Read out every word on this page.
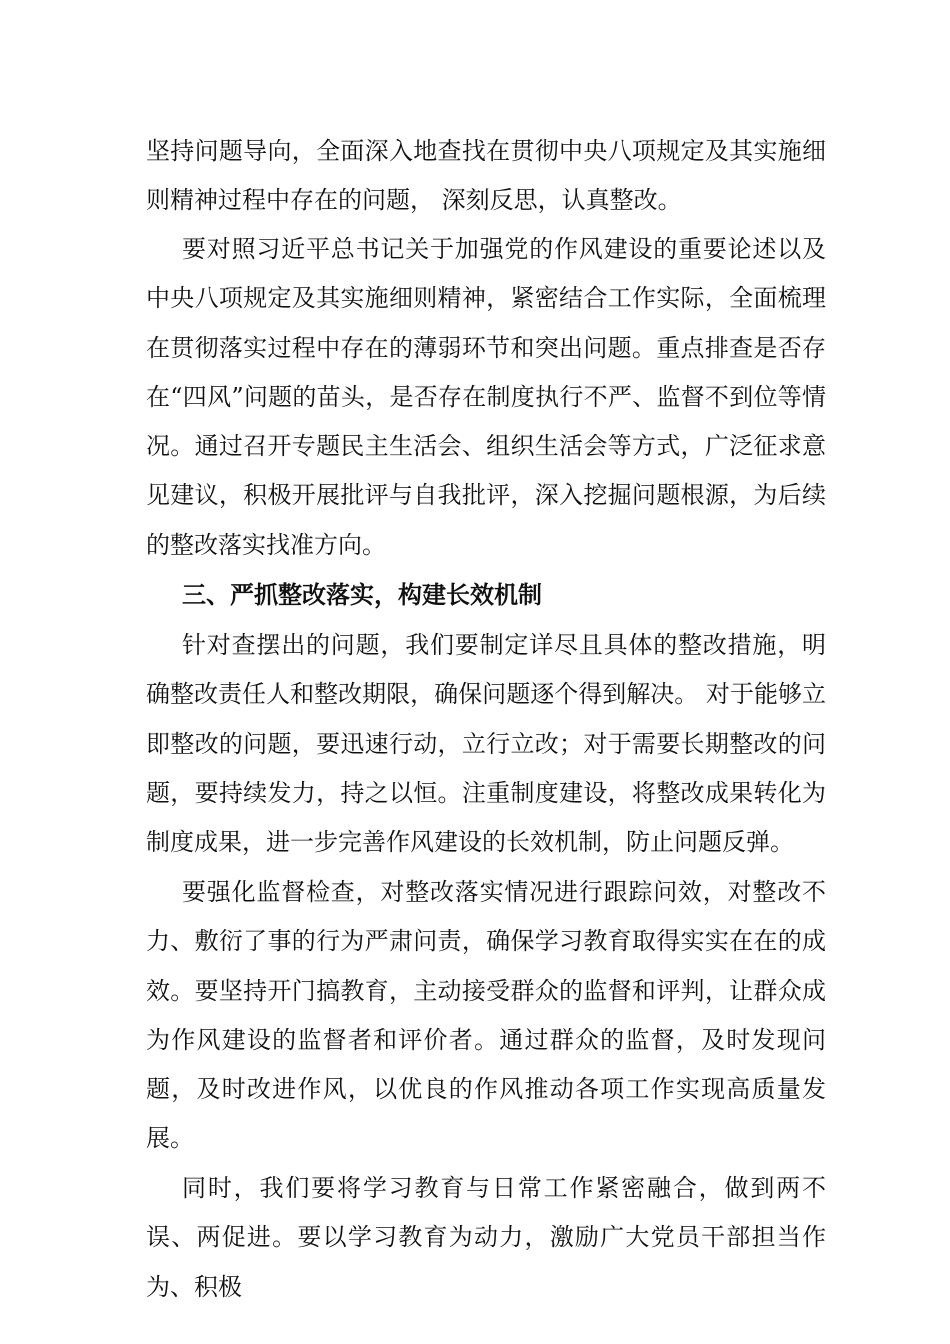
坚持问题导向，全面深入地查找在贯彻中央八项规定及其实施细则精神过程中存在的问题， 深刻反思，认真整改。

要对照习近平总书记关于加强党的作风建设的重要论述以及中央八项规定及其实施细则精神，紧密结合工作实际，全面梳理在贯彻落实过程中存在的薄弱环节和突出问题。重点排查是否存在“四风”问题的苗头，是否存在制度执行不严、监督不到位等情况。通过召开专题民主生活会、组织生活会等方式，广泛征求意见建议，积极开展批评与自我批评，深入挖掘问题根源，为后续的整改落实找准方向。

三、严抓整改落实，构建长效机制

针对查摆出的问题，我们要制定详尽且具体的整改措施，明确整改责任人和整改期限，确保问题逐个得到解决。 对于能够立即整改的问题，要迅速行动，立行立改；对于需要长期整改的问题，要持续发力，持之以恒。注重制度建设，将整改成果转化为制度成果，进一步完善作风建设的长效机制，防止问题反弹。

要强化监督检查，对整改落实情况进行跟踪问效，对整改不力、敷衍了事的行为严肃问责，确保学习教育取得实实在在的成效。要坚持开门搞教育，主动接受群众的监督和评判，让群众成为作风建设的监督者和评价者。通过群众的监督，及时发现问题，及时改进作风，以优良的作风推动各项工作实现高质量发展。

同时，我们要将学习教育与日常工作紧密融合，做到两不误、两促进。要以学习教育为动力，激励广大党员干部担当作为、积极
